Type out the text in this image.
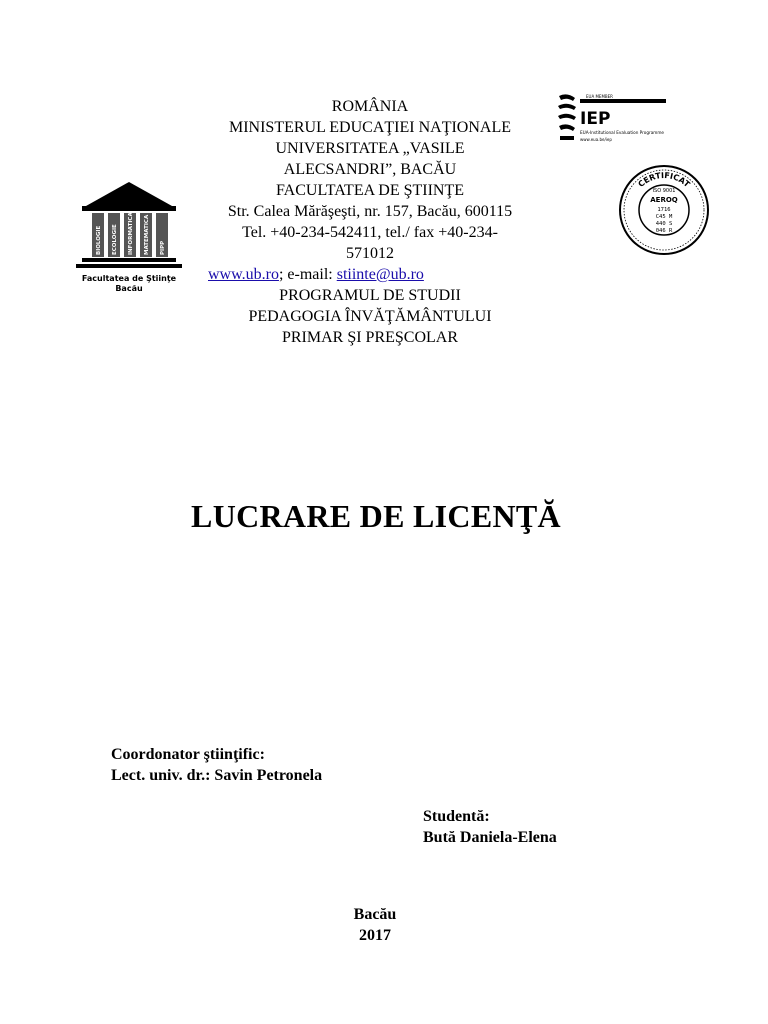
BIOLOGIE ECOLOGIE INFORMATICA MATEMATICA PIPP
Facultatea de Ştiinţe
Bacău
ROMÂNIA
MINISTERUL EDUCAŢIEI NAŢIONALE
UNIVERSITATEA „VASILE
ALECSANDRI”, BACĂU
FACULTATEA DE ŞTIINŢE
Str. Calea Mărăşeşti, nr. 157, Bacău, 600115
Tel. +40-234-542411, tel./ fax +40-234-
571012
www.ub.ro; e-mail: stiinte@ub.ro
PROGRAMUL DE STUDII
PEDAGOGIA ÎNVĂŢĂMÂNTULUI
PRIMAR ŞI PREŞCOLAR
EUA MEMBER
IEP
EUA-Institutional Evaluation Programme
www.eua.be/iep
CERTIFICAT
ISO 9001
AEROQ
1716
C45 M
440 S
046 R
LUCRARE DE LICENŢĂ
Coordonator ştiinţific:
Lect. univ. dr.: Savin Petronela
Studentă:
Bută Daniela-Elena
Bacău
2017
